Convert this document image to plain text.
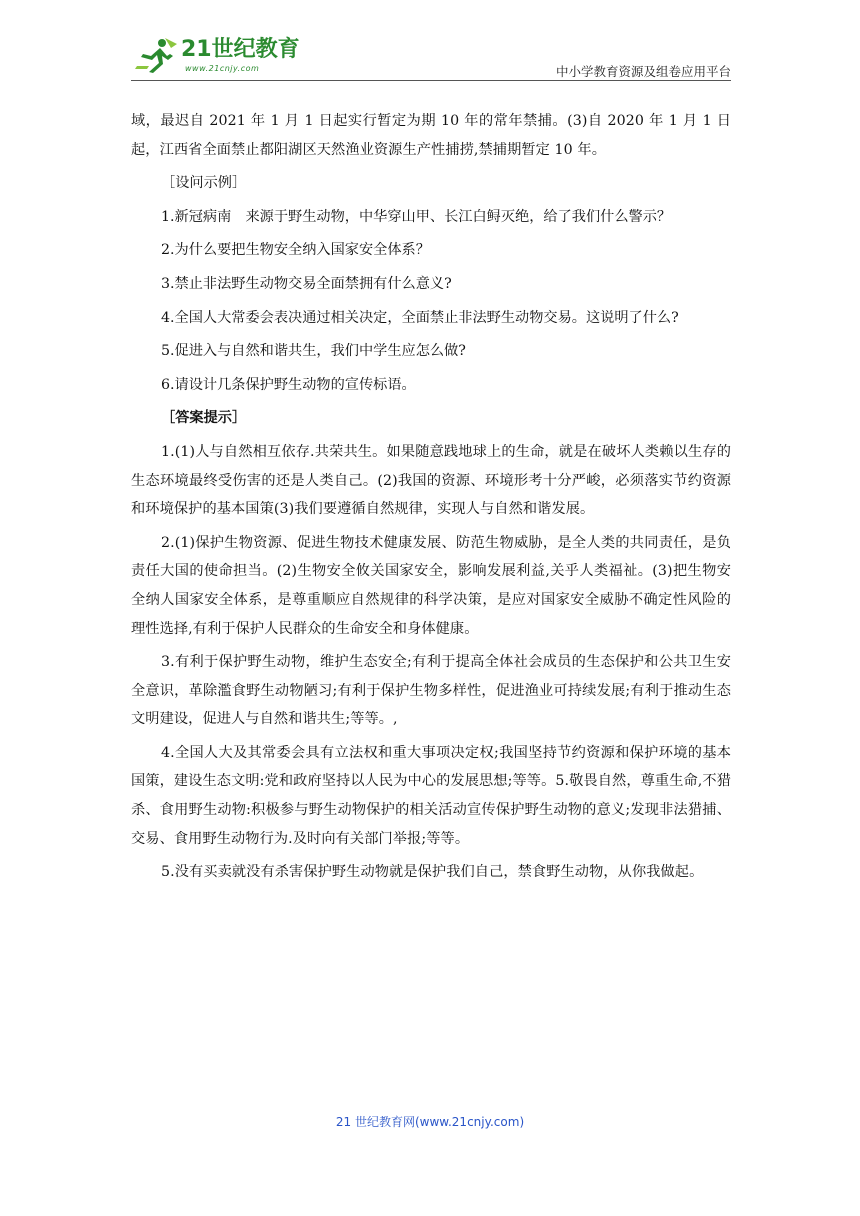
21世纪教育
www.21cnjy.com	中小学教育资源及组卷应用平台

域，最迟自 2021 年 1 月 1 日起实行暂定为期 10 年的常年禁捕。(3)自 2020 年 1 月 1 日起，江西省全面禁止都阳湖区天然渔业资源生产性捕捞,禁捕期暂定 10 年。

［设问示例］

1.新冠病南　来源于野生动物，中华穿山甲、长江白鲟灭绝，给了我们什么警示？

2.为什么要把生物安全纳入国家安全体系？

3.禁止非法野生动物交易全面禁拥有什么意义?

4.全国人大常委会表决通过相关决定，全面禁止非法野生动物交易。这说明了什么?

5.促进入与自然和谐共生，我们中学生应怎么做?

6.请设计几条保护野生动物的宣传标语。

［答案提示］

1.(1)人与自然相互依存.共荣共生。如果随意践地球上的生命，就是在破坏人类赖以生存的生态环境最终受伤害的还是人类自己。(2)我国的资源、环境形考十分严峻，必须落实节约资源和环境保护的基本国策(3)我们要遵循自然规律，实现人与自然和谐发展。

2.(1)保护生物资源、促进生物技术健康发展、防范生物威胁，是全人类的共同责任，是负责任大国的使命担当。(2)生物安全攸关国家安全，影响发展利益,关乎人类福祉。(3)把生物安全纳人国家安全体系，是尊重顺应自然规律的科学决策，是应对国家安全威胁不确定性风险的理性选择,有利于保护人民群众的生命安全和身体健康。

3.有利于保护野生动物，维护生态安全;有利于提高全体社会成员的生态保护和公共卫生安全意识，革除濫食野生动物陋习;有利于保护生物多样性，促进渔业可持续发展;有利于推动生态文明建设，促进人与自然和谐共生;等等。,

4.全国人大及其常委会具有立法权和重大事项决定权;我国坚持节约资源和保护环境的基本国策，建设生态文明:党和政府坚持以人民为中心的发展思想;等等。5.敬畏自然，尊重生命,不猎杀、食用野生动物:积极参与野生动物保护的相关活动宣传保护野生动物的意义;发现非法猎捕、交易、食用野生动物行为.及时向有关部门举报;等等。

5.没有买卖就没有杀害保护野生动物就是保护我们自己，禁食野生动物，从你我做起。

21 世纪教育网(www.21cnjy.com)
